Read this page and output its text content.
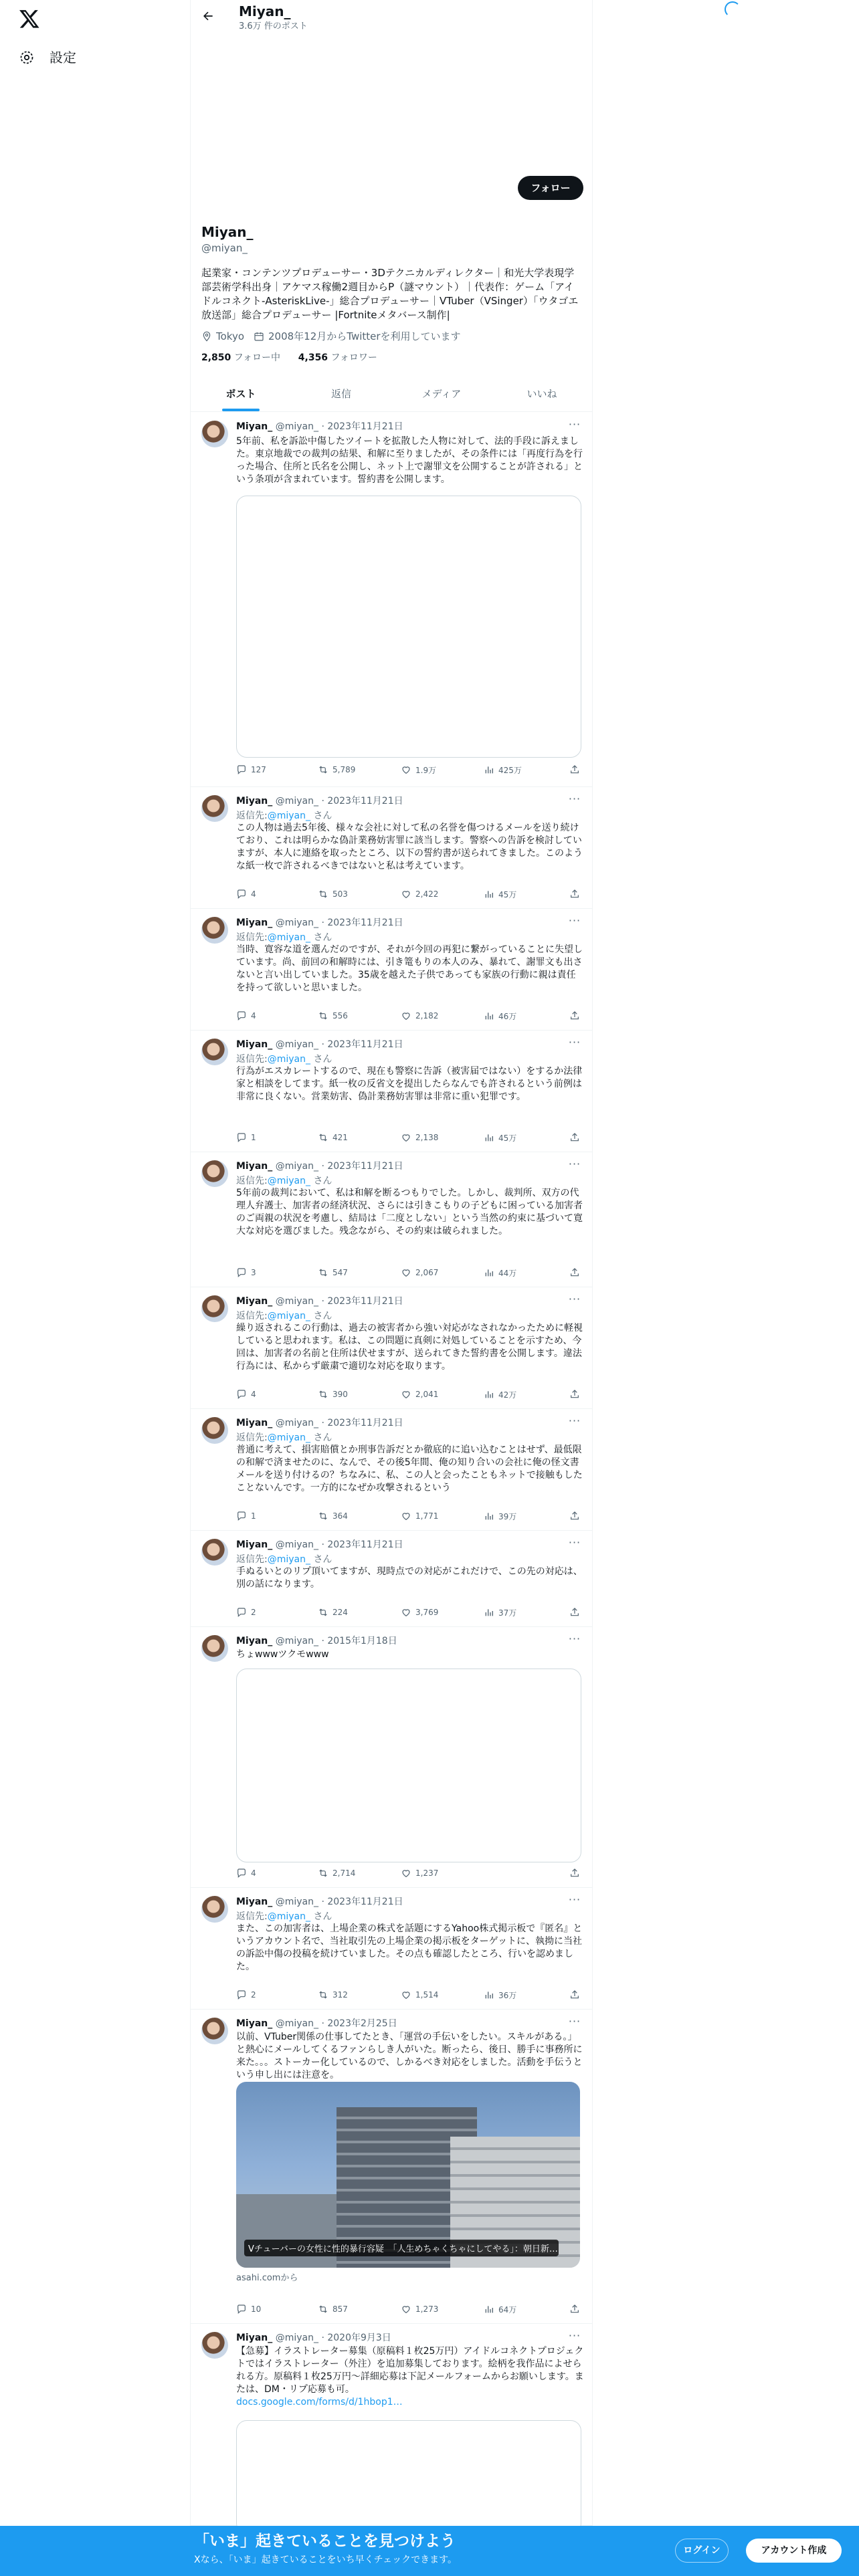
設定
Miyan_
3.6万 件のポスト
フォロー
Miyan_
@miyan_
起業家・コンテンツプロデューサー・3Dテクニカルディレクター｜和光大学表現学部芸術学科出身｜アケマス稼働2週目からP（謎マウント）｜代表作：ゲーム「アイドルコネクト-AsteriskLive-」総合プロデューサー｜VTuber（VSinger）「ウタゴエ放送部」総合プロデューサー |Fortniteメタバース制作|
Tokyo 2008年12月からTwitterを利用しています
2,850 フォロー中 4,356 フォロワー
ポスト	返信	メディア	いいね
Miyan_ @miyan_ · 2023年11月21日	···
5年前、私を訴訟中傷したツイートを拡散した人物に対して、法的手段に訴えました。東京地裁での裁判の結果、和解に至りましたが、その条件には「再度行為を行った場合、住所と氏名を公開し、ネット上で謝罪文を公開することが許される」という条項が含まれています。誓約書を公開します。
127	5,789	1.9万	425万
Miyan_ @miyan_ · 2023年11月21日	···
返信先:@miyan_ さん
この人物は過去5年後、様々な会社に対して私の名誉を傷つけるメールを送り続けており、これは明らかな偽計業務妨害罪に該当します。警察への告訴を検討していますが、本人に連絡を取ったところ、以下の誓約書が送られてきました。このような紙一枚で許されるべきではないと私は考えています。
4	503	2,422	45万
Miyan_ @miyan_ · 2023年11月21日	···
返信先:@miyan_ さん
当時、寛容な道を選んだのですが、それが今回の再犯に繋がっていることに失望しています。尚、前回の和解時には、引き篭もりの本人のみ、暴れて、謝罪文も出さないと言い出していました。35歳を越えた子供であっても家族の行動に親は責任を持って欲しいと思いました。
4	556	2,182	46万
Miyan_ @miyan_ · 2023年11月21日	···
返信先:@miyan_ さん
行為がエスカレートするので、現在も警察に告訴（被害届ではない）をするか法律家と相談をしてます。紙一枚の反省文を提出したらなんでも許されるという前例は非常に良くない。営業妨害、偽計業務妨害罪は非常に重い犯罪です。
1	421	2,138	45万
Miyan_ @miyan_ · 2023年11月21日	···
返信先:@miyan_ さん
5年前の裁判において、私は和解を断るつもりでした。しかし、裁判所、双方の代理人弁護士、加害者の経済状況、さらには引きこもりの子どもに困っている加害者のご両親の状況を考慮し、結局は「二度としない」という当然の約束に基づいて寛大な対応を選びました。残念ながら、その約束は破られました。
3	547	2,067	44万
Miyan_ @miyan_ · 2023年11月21日	···
返信先:@miyan_ さん
繰り返されるこの行動は、過去の被害者から強い対応がなされなかったために軽視していると思われます。私は、この問題に真剣に対処していることを示すため、今回は、加害者の名前と住所は伏せますが、送られてきた誓約書を公開します。違法行為には、私からず厳粛で適切な対応を取ります。
4	390	2,041	42万
Miyan_ @miyan_ · 2023年11月21日	···
返信先:@miyan_ さん
普通に考えて、損害賠償とか刑事告訴だとか徹底的に追い込むことはせず、最低限の和解で済ませたのに、なんで、その後5年間、俺の知り合いの会社に俺の怪文書メールを送り付けるの？ちなみに、私、この人と会ったこともネットで接触もしたことないんです。一方的になぜか攻撃されるという
1	364	1,771	39万
Miyan_ @miyan_ · 2023年11月21日	···
返信先:@miyan_ さん
手ぬるいとのリプ頂いてますが、現時点での対応がこれだけで、この先の対応は、別の話になります。
2	224	3,769	37万
Miyan_ @miyan_ · 2015年1月18日	···
ちょwwwツクモwww
4	2,714	1,237
Miyan_ @miyan_ · 2023年11月21日	···
返信先:@miyan_ さん
また、この加害者は、上場企業の株式を話題にするYahoo株式掲示板で『匿名』というアカウント名で、当社取引先の上場企業の掲示板をターゲットに、執拗に当社の訴訟中傷の投稿を続けていました。その点も確認したところ、行いを認めました。
2	312	1,514	36万
Miyan_ @miyan_ · 2023年2月25日	···
以前、VTuber関係の仕事してたとき、「運営の手伝いをしたい。スキルがある。」と熱心にメールしてくるファンらしき人がいた。断ったら、後日、勝手に事務所に来た。。。ストーカー化しているので、しかるべき対応をしました。活動を手伝うという申し出には注意を。
Vチューバーの女性に性的暴行容疑　「人生めちゃくちゃにしてやる」：朝日新…
asahi.comから
10	857	1,273	64万
Miyan_ @miyan_ · 2020年9月3日	···
【急募】イラストレーター募集（原稿料１枚25万円）アイドルコネクトプロジェクトではイラストレーター（外注）を追加募集しております。絵柄を我作品によせられる方。原稿料１枚25万円〜詳細応募は下記メールフォームからお願いします。または、DM・リプ応募も可。
docs.google.com/forms/d/1hbop1…
「いま」起きていることを見つけよう
Xなら、「いま」起きていることをいち早くチェックできます。
ログイン	アカウント作成
